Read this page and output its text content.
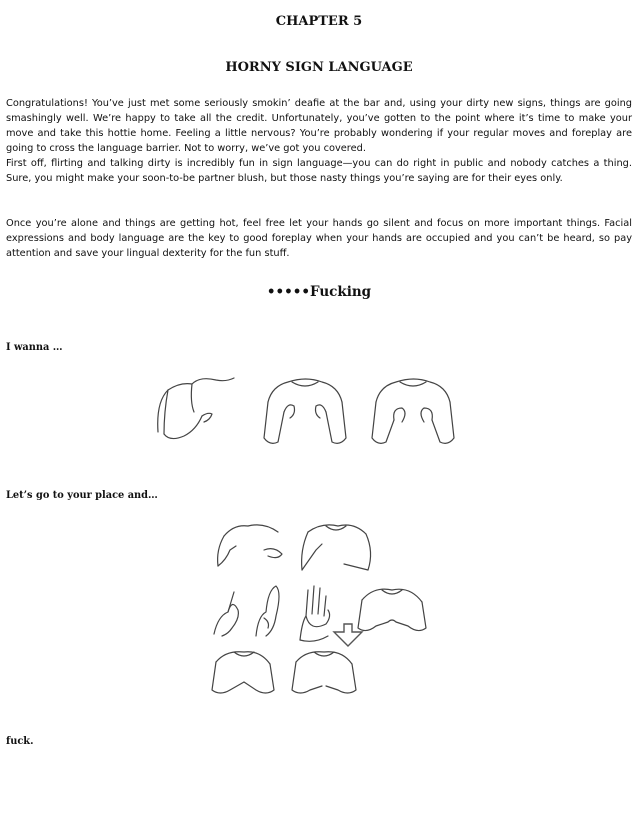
CHAPTER 5
HORNY SIGN LANGUAGE

Congratulations! You’ve just met some seriously smokin’ deafie at the bar and, using your dirty new signs, things are going smashingly well. We’re happy to take all the credit. Unfortunately, you’ve gotten to the point where it’s time to make your move and take this hottie home. Feeling a little nervous? You’re probably wondering if your regular moves and foreplay are going to cross the language barrier. Not to worry, we’ve got you covered.

First off, flirting and talking dirty is incredibly fun in sign language—you can do right in public and nobody catches a thing. Sure, you might make your soon-to-be partner blush, but those nasty things you’re saying are for their eyes only.

Once you’re alone and things are getting hot, feel free let your hands go silent and focus on more important things. Facial expressions and body language are the key to good foreplay when your hands are occupied and you can’t be heard, so pay attention and save your lingual dexterity for the fun stuff.

•••••Fucking
I wanna …
Let’s go to your place and…
fuck.
